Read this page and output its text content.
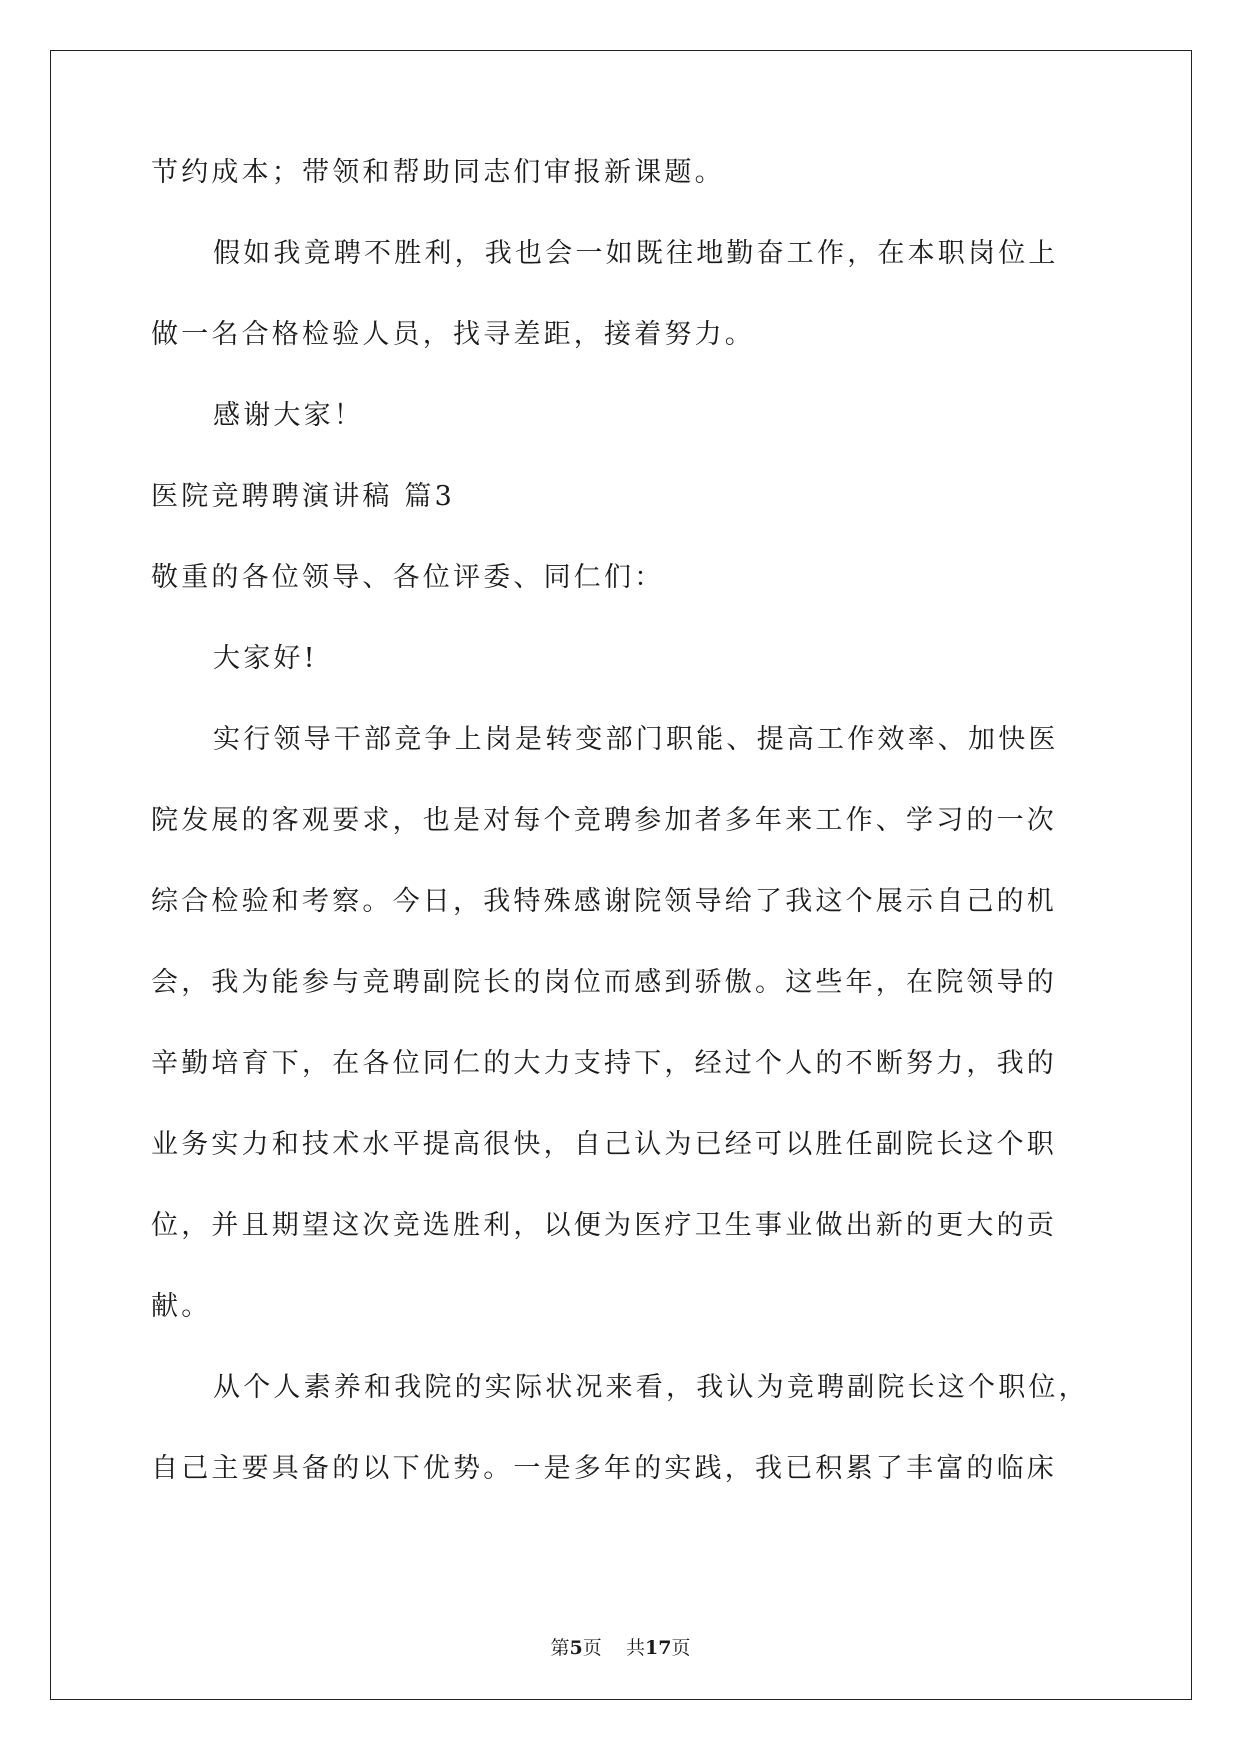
节约成本；带领和帮助同志们审报新课题。
假如我竟聘不胜利，我也会一如既往地勤奋工作，在本职岗位上
做一名合格检验人员，找寻差距，接着努力。
感谢大家！
医院竞聘聘演讲稿 篇3
敬重的各位领导、各位评委、同仁们：
大家好!
实行领导干部竞争上岗是转变部门职能、提高工作效率、加快医
院发展的客观要求，也是对每个竞聘参加者多年来工作、学习的一次
综合检验和考察。今日，我特殊感谢院领导给了我这个展示自己的机
会，我为能参与竞聘副院长的岗位而感到骄傲。这些年，在院领导的
辛勤培育下，在各位同仁的大力支持下，经过个人的不断努力，我的
业务实力和技术水平提高很快，自己认为已经可以胜任副院长这个职
位，并且期望这次竞选胜利，以便为医疗卫生事业做出新的更大的贡
献。
从个人素养和我院的实际状况来看，我认为竞聘副院长这个职位，
自己主要具备的以下优势。一是多年的实践，我已积累了丰富的临床
第5页 共17页
